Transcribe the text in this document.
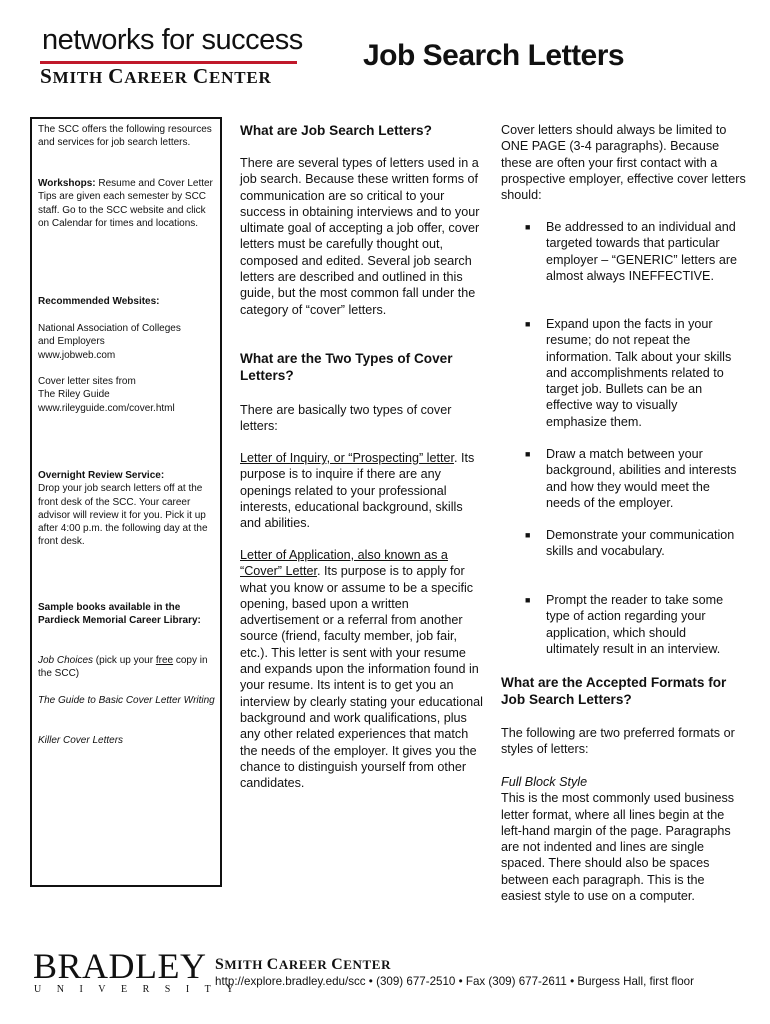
networks for success
SMITH CAREER CENTER
Job Search Letters

The SCC offers the following resources and services for job search letters.

Workshops: Resume and Cover Letter Tips are given each semester by SCC staff. Go to the SCC website and click on Calendar for times and locations.

Recommended Websites:

National Association of Colleges

and Employers

www.jobweb.com

Cover letter sites from

The Riley Guide

www.rileyguide.com/cover.html

Overnight Review Service:

Drop your job search letters off at the front desk of the SCC. Your career advisor will review it for you. Pick it up after 4:00 p.m. the following day at the front desk.

Sample books available in the Pardieck Memorial Career Library:

Job Choices (pick up your free copy in the SCC)

The Guide to Basic Cover Letter Writing

Killer Cover Letters

What are Job Search Letters?

There are several types of letters used in a job search. Because these written forms of communication are so critical to your success in obtaining interviews and to your ultimate goal of accepting a job offer, cover letters must be carefully thought out, composed and edited. Several job search letters are described and outlined in this guide, but the most common fall under the category of “cover” letters.

What are the Two Types of Cover Letters?

There are basically two types of cover letters:

Letter of Inquiry, or “Prospecting” letter. Its purpose is to inquire if there are any openings related to your professional interests, educational background, skills and abilities.

Letter of Application, also known as a “Cover” Letter. Its purpose is to apply for what you know or assume to be a specific opening, based upon a written advertisement or a referral from another source (friend, faculty member, job fair, etc.). This letter is sent with your resume and expands upon the information found in your resume. Its intent is to get you an interview by clearly stating your educational background and work qualifications, plus any other related experiences that match the needs of the employer. It gives you the chance to distinguish yourself from other candidates.

Cover letters should always be limited to ONE PAGE (3-4 paragraphs). Because these are often your first contact with a prospective employer, effective cover letters should:

■ Be addressed to an individual and targeted towards that particular employer – “GENERIC” letters are almost always INEFFECTIVE.
■ Expand upon the facts in your resume; do not repeat the information. Talk about your skills and accomplishments related to target job. Bullets can be an effective way to visually emphasize them.
■ Draw a match between your background, abilities and interests and how they would meet the needs of the employer.
■ Demonstrate your communication skills and vocabulary.
■ Prompt the reader to take some type of action regarding your application, which should ultimately result in an interview.
What are the Accepted Formats for Job Search Letters?

The following are two preferred formats or styles of letters:

Full Block Style

This is the most commonly used business letter format, where all lines begin at the left-hand margin of the page. Paragraphs are not indented and lines are single spaced. There should also be spaces between each paragraph. This is the easiest style to use on a computer.

BRADLEY
UNIVERSITY
SMITH CAREER CENTER
http://explore.bradley.edu/scc • (309) 677-2510 • Fax (309) 677-2611 • Burgess Hall, first floor
